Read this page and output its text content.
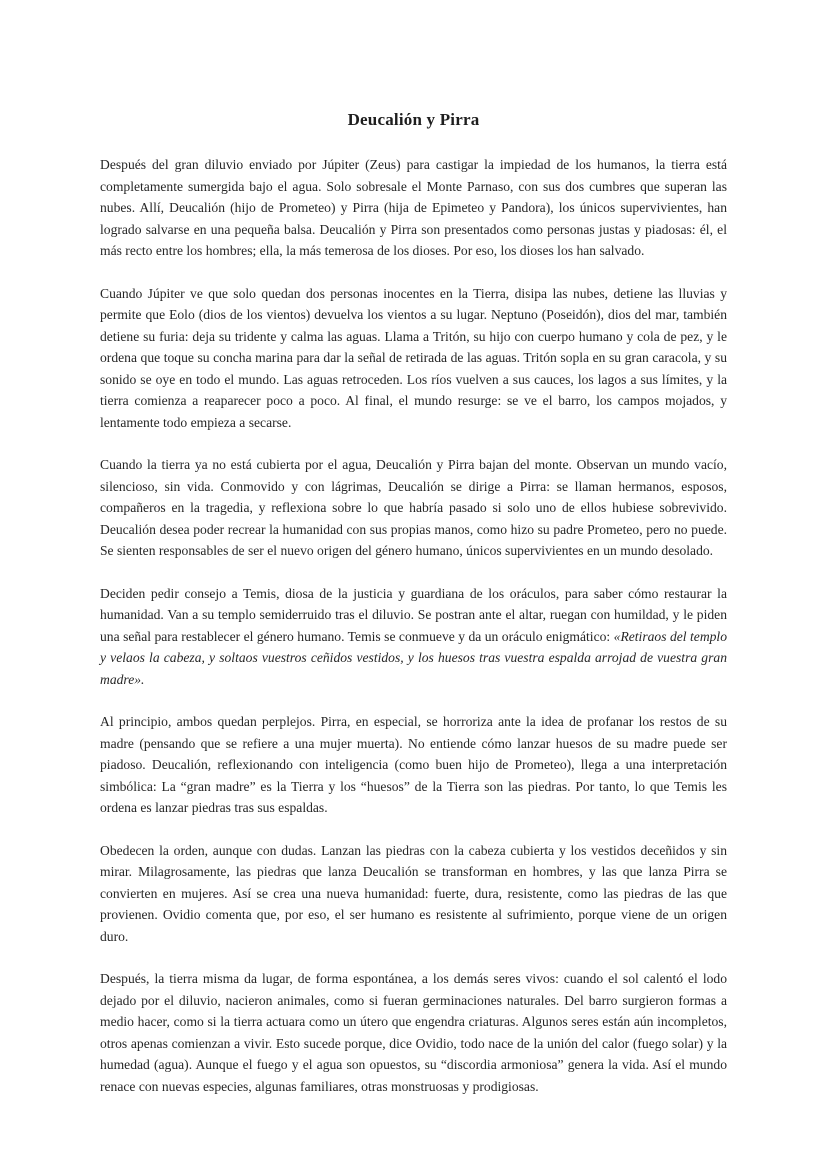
Deucalión y Pirra

Después del gran diluvio enviado por Júpiter (Zeus) para castigar la impiedad de los humanos, la tierra está completamente sumergida bajo el agua. Solo sobresale el Monte Parnaso, con sus dos cumbres que superan las nubes. Allí, Deucalión (hijo de Prometeo) y Pirra (hija de Epimeteo y Pandora), los únicos supervivientes, han logrado salvarse en una pequeña balsa. Deucalión y Pirra son presentados como personas justas y piadosas: él, el más recto entre los hombres; ella, la más temerosa de los dioses. Por eso, los dioses los han salvado.

Cuando Júpiter ve que solo quedan dos personas inocentes en la Tierra, disipa las nubes, detiene las lluvias y permite que Eolo (dios de los vientos) devuelva los vientos a su lugar. Neptuno (Poseidón), dios del mar, también detiene su furia: deja su tridente y calma las aguas. Llama a Tritón, su hijo con cuerpo humano y cola de pez, y le ordena que toque su concha marina para dar la señal de retirada de las aguas. Tritón sopla en su gran caracola, y su sonido se oye en todo el mundo. Las aguas retroceden. Los ríos vuelven a sus cauces, los lagos a sus límites, y la tierra comienza a reaparecer poco a poco. Al final, el mundo resurge: se ve el barro, los campos mojados, y lentamente todo empieza a secarse.

Cuando la tierra ya no está cubierta por el agua, Deucalión y Pirra bajan del monte. Observan un mundo vacío, silencioso, sin vida. Conmovido y con lágrimas, Deucalión se dirige a Pirra: se llaman hermanos, esposos, compañeros en la tragedia, y reflexiona sobre lo que habría pasado si solo uno de ellos hubiese sobrevivido. Deucalión desea poder recrear la humanidad con sus propias manos, como hizo su padre Prometeo, pero no puede. Se sienten responsables de ser el nuevo origen del género humano, únicos supervivientes en un mundo desolado.

Deciden pedir consejo a Temis, diosa de la justicia y guardiana de los oráculos, para saber cómo restaurar la humanidad. Van a su templo semiderruido tras el diluvio. Se postran ante el altar, ruegan con humildad, y le piden una señal para restablecer el género humano. Temis se conmueve y da un oráculo enigmático: «Retiraos del templo y velaos la cabeza, y soltaos vuestros ceñidos vestidos, y los huesos tras vuestra espalda arrojad de vuestra gran madre».

Al principio, ambos quedan perplejos. Pirra, en especial, se horroriza ante la idea de profanar los restos de su madre (pensando que se refiere a una mujer muerta). No entiende cómo lanzar huesos de su madre puede ser piadoso. Deucalión, reflexionando con inteligencia (como buen hijo de Prometeo), llega a una interpretación simbólica: La “gran madre” es la Tierra y los “huesos” de la Tierra son las piedras. Por tanto, lo que Temis les ordena es lanzar piedras tras sus espaldas.

Obedecen la orden, aunque con dudas. Lanzan las piedras con la cabeza cubierta y los vestidos deceñidos y sin mirar. Milagrosamente, las piedras que lanza Deucalión se transforman en hombres, y las que lanza Pirra se convierten en mujeres. Así se crea una nueva humanidad: fuerte, dura, resistente, como las piedras de las que provienen. Ovidio comenta que, por eso, el ser humano es resistente al sufrimiento, porque viene de un origen duro.

Después, la tierra misma da lugar, de forma espontánea, a los demás seres vivos: cuando el sol calentó el lodo dejado por el diluvio, nacieron animales, como si fueran germinaciones naturales. Del barro surgieron formas a medio hacer, como si la tierra actuara como un útero que engendra criaturas. Algunos seres están aún incompletos, otros apenas comienzan a vivir. Esto sucede porque, dice Ovidio, todo nace de la unión del calor (fuego solar) y la humedad (agua). Aunque el fuego y el agua son opuestos, su “discordia armoniosa” genera la vida. Así el mundo renace con nuevas especies, algunas familiares, otras monstruosas y prodigiosas.
